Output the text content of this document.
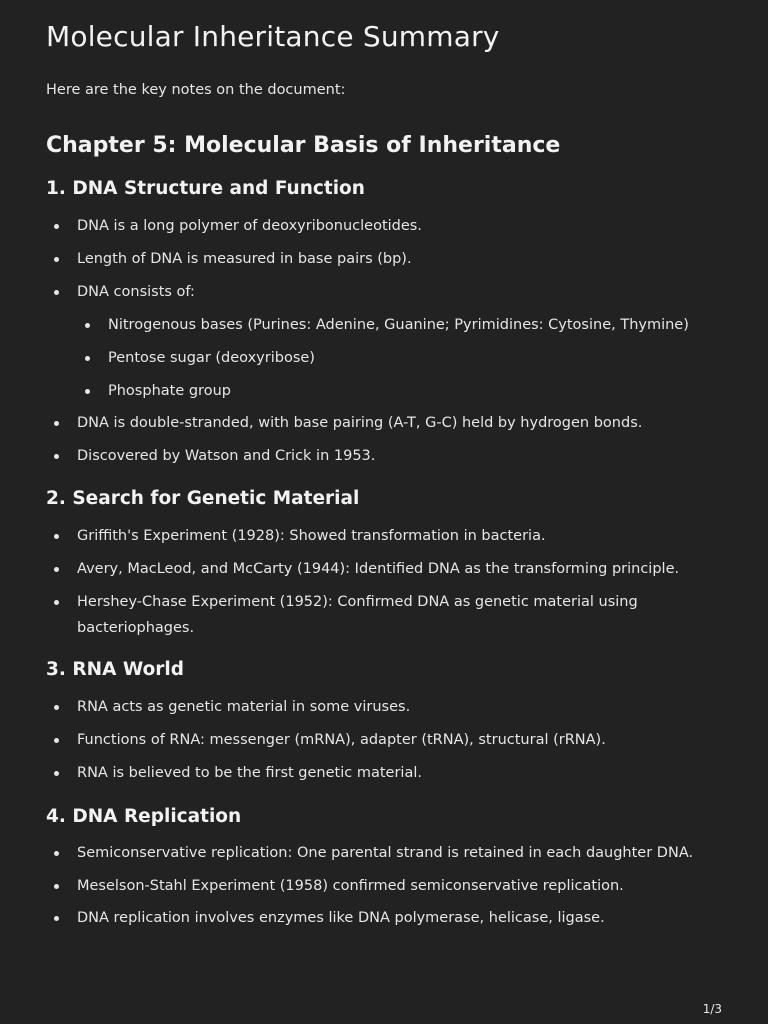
Molecular Inheritance Summary

Here are the key notes on the document:

Chapter 5: Molecular Basis of Inheritance
1. DNA Structure and Function
DNA is a long polymer of deoxyribonucleotides.
Length of DNA is measured in base pairs (bp).
DNA consists of:
Nitrogenous bases (Purines: Adenine, Guanine; Pyrimidines: Cytosine, Thymine)
Pentose sugar (deoxyribose)
Phosphate group
DNA is double-stranded, with base pairing (A-T, G-C) held by hydrogen bonds.
Discovered by Watson and Crick in 1953.
2. Search for Genetic Material
Griffith's Experiment (1928): Showed transformation in bacteria.
Avery, MacLeod, and McCarty (1944): Identified DNA as the transforming principle.
Hershey-Chase Experiment (1952): Confirmed DNA as genetic material using bacteriophages.
3. RNA World
RNA acts as genetic material in some viruses.
Functions of RNA: messenger (mRNA), adapter (tRNA), structural (rRNA).
RNA is believed to be the first genetic material.
4. DNA Replication
Semiconservative replication: One parental strand is retained in each daughter DNA.
Meselson-Stahl Experiment (1958) confirmed semiconservative replication.
DNA replication involves enzymes like DNA polymerase, helicase, ligase.
1/3
